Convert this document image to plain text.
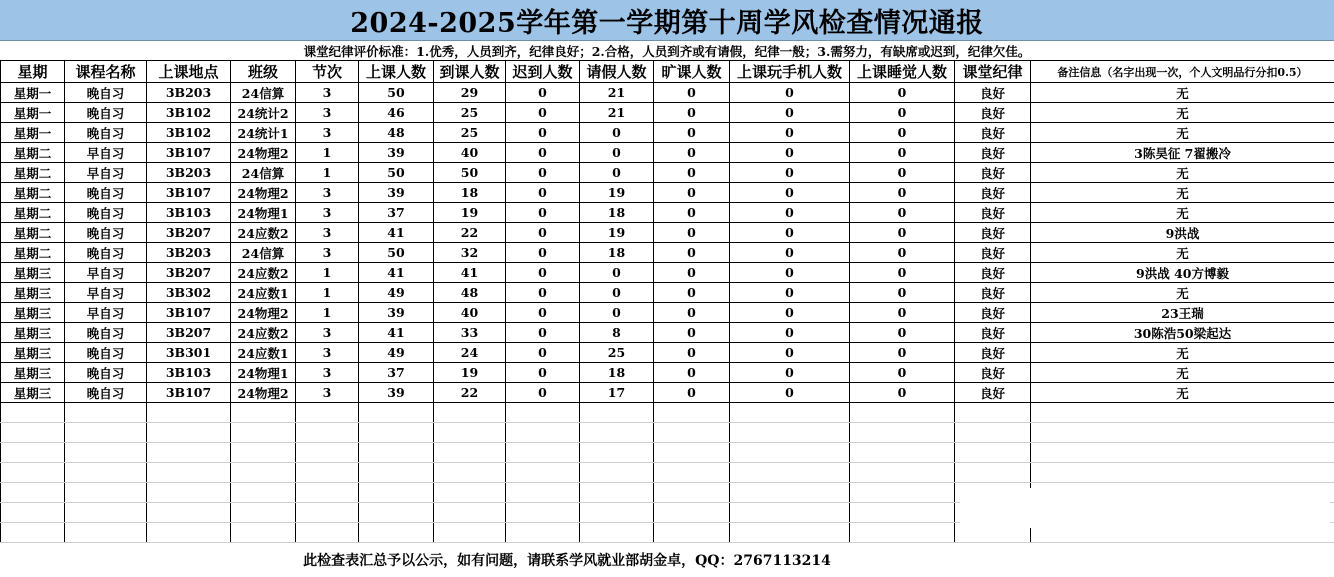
2024-2025学年第一学期第十周学风检查情况通报
课堂纪律评价标准：1.优秀，人员到齐，纪律良好；2.合格，人员到齐或有请假，纪律一般；3.需努力，有缺席或迟到，纪律欠佳。
星期	课程名称	上课地点	班级	节次	上课人数	到课人数	迟到人数	请假人数	旷课人数	上课玩手机人数	上课睡觉人数	课堂纪律	备注信息（名字出现一次，个人文明品行分扣0.5）
星期一	晚自习	3B203	24信算	3	50	29	0	21	0	0	0	良好	无
星期一	晚自习	3B102	24统计2	3	46	25	0	21	0	0	0	良好	无
星期一	晚自习	3B102	24统计1	3	48	25	0	0	0	0	0	良好	无
星期二	早自习	3B107	24物理2	1	39	40	0	0	0	0	0	良好	3陈昊征 7翟搬冷
星期二	早自习	3B203	24信算	1	50	50	0	0	0	0	0	良好	无
星期二	晚自习	3B107	24物理2	3	39	18	0	19	0	0	0	良好	无
星期二	晚自习	3B103	24物理1	3	37	19	0	18	0	0	0	良好	无
星期二	晚自习	3B207	24应数2	3	41	22	0	19	0	0	0	良好	9洪战
星期二	晚自习	3B203	24信算	3	50	32	0	18	0	0	0	良好	无
星期三	早自习	3B207	24应数2	1	41	41	0	0	0	0	0	良好	9洪战 40方博毅
星期三	早自习	3B302	24应数1	1	49	48	0	0	0	0	0	良好	无
星期三	早自习	3B107	24物理2	1	39	40	0	0	0	0	0	良好	23王瑞
星期三	晚自习	3B207	24应数2	3	41	33	0	8	0	0	0	良好	30陈浩50梁起达
星期三	晚自习	3B301	24应数1	3	49	24	0	25	0	0	0	良好	无
星期三	晚自习	3B103	24物理1	3	37	19	0	18	0	0	0	良好	无
星期三	晚自习	3B107	24物理2	3	39	22	0	17	0	0	0	良好	无

此检查表汇总予以公示，如有问题，请联系学风就业部胡金卓，QQ：2767113214
